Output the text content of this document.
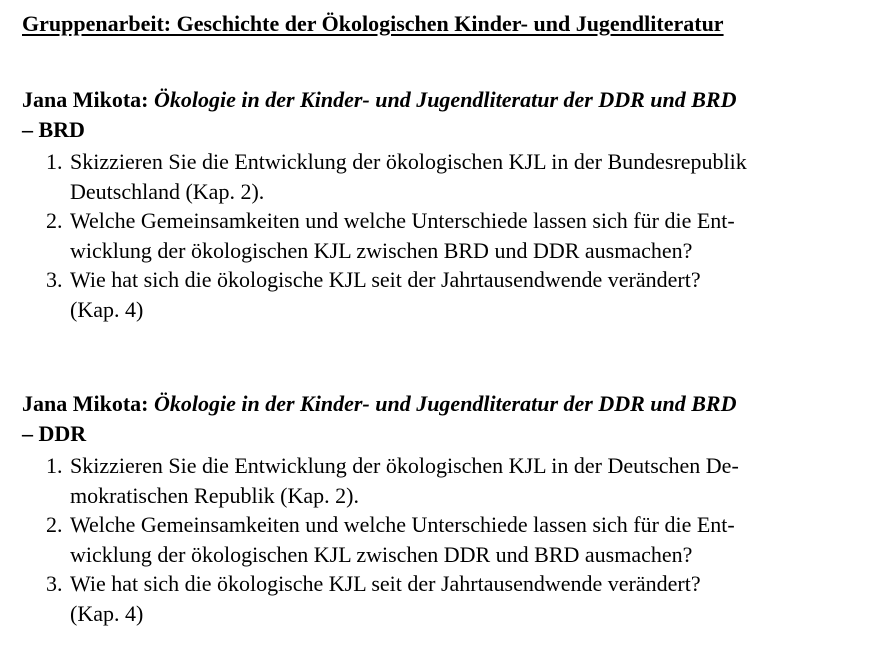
Gruppenarbeit: Geschichte der Ökologischen Kinder- und Jugendliteratur

Jana Mikota: Ökologie in der Kinder- und Jugendliteratur der DDR und BRD
– BRD

1. Skizzieren Sie die Entwicklung der ökologischen KJL in der Bundesrepublik
Deutschland (Kap. 2).
2. Welche Gemeinsamkeiten und welche Unterschiede lassen sich für die Ent-
wicklung der ökologischen KJL zwischen BRD und DDR ausmachen?
3. Wie hat sich die ökologische KJL seit der Jahrtausendwende verändert?
(Kap. 4)

Jana Mikota: Ökologie in der Kinder- und Jugendliteratur der DDR und BRD
– DDR

1. Skizzieren Sie die Entwicklung der ökologischen KJL in der Deutschen De-
mokratischen Republik (Kap. 2).
2. Welche Gemeinsamkeiten und welche Unterschiede lassen sich für die Ent-
wicklung der ökologischen KJL zwischen DDR und BRD ausmachen?
3. Wie hat sich die ökologische KJL seit der Jahrtausendwende verändert?
(Kap. 4)
